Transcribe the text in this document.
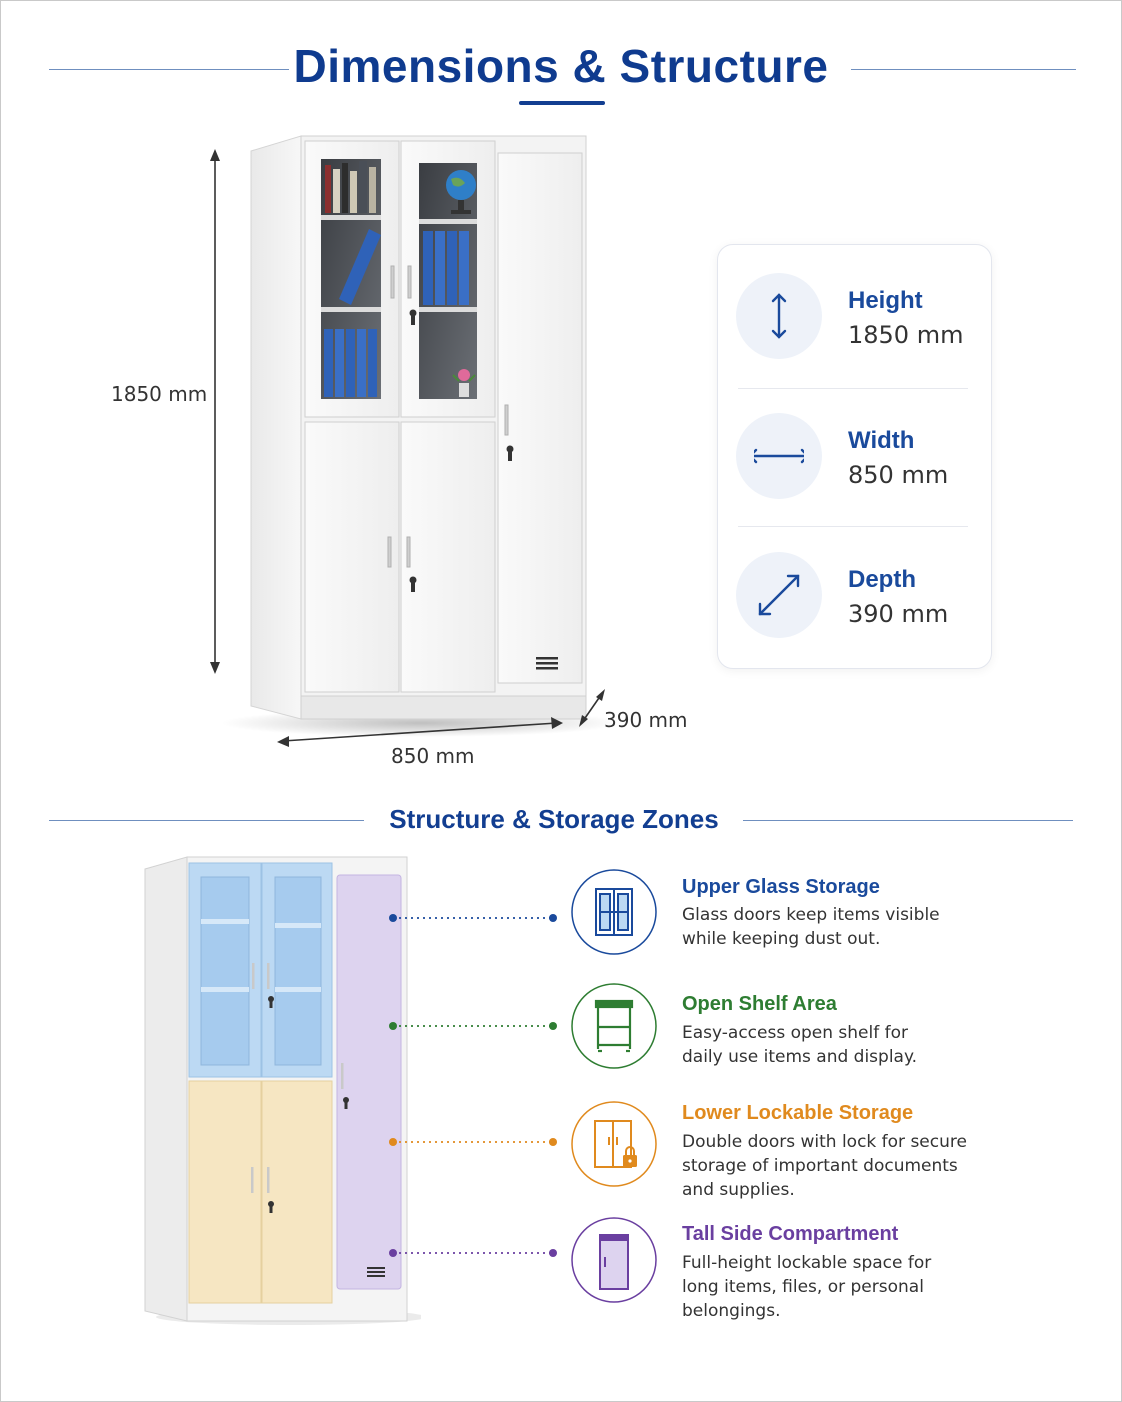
Dimensions & Structure
1850 mm
850 mm
390 mm
Height
1850 mm
Width
850 mm
Depth
390 mm
Structure & Storage Zones
Upper Glass Storage
Glass doors keep items visible while keeping dust out.
Open Shelf Area
Easy-access open shelf for daily use items and display.
Lower Lockable Storage
Double doors with lock for secure storage of important documents and supplies.
Tall Side Compartment
Full-height lockable space for long items, files, or personal belongings.
